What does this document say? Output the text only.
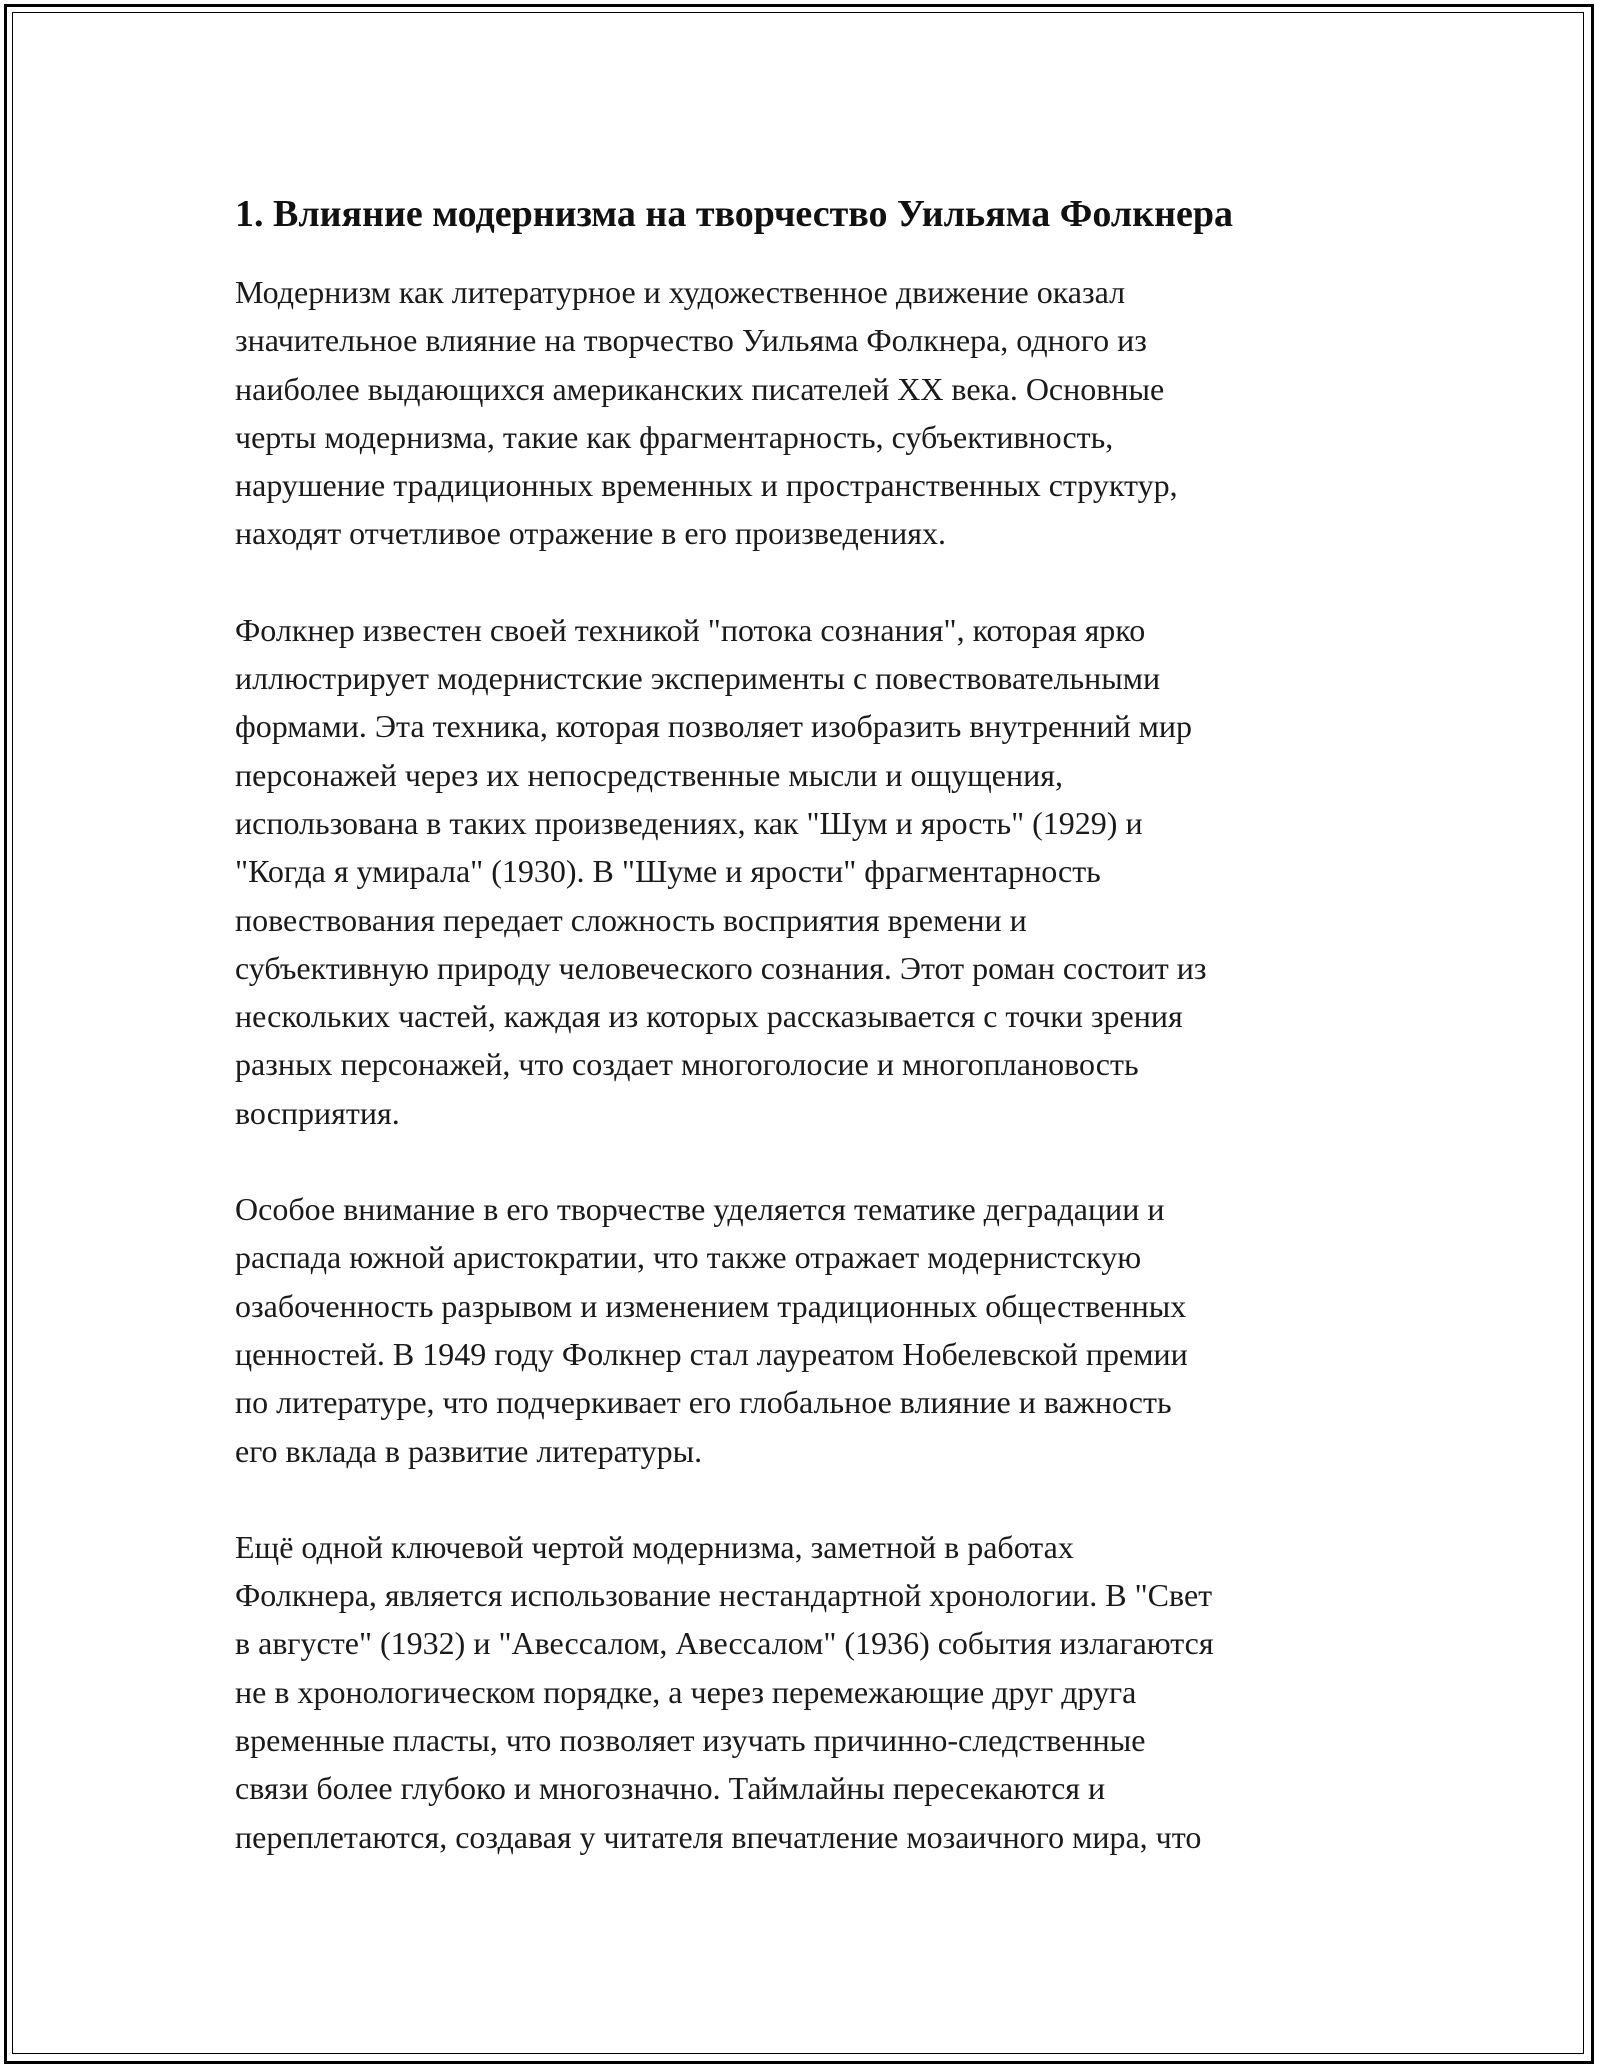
1. Влияние модернизма на творчество Уильяма Фолкнера

Модернизм как литературное и художественное движение оказал
значительное влияние на творчество Уильяма Фолкнера, одного из
наиболее выдающихся американских писателей XX века. Основные
черты модернизма, такие как фрагментарность, субъективность,
нарушение традиционных временных и пространственных структур,
находят отчетливое отражение в его произведениях.

Фолкнер известен своей техникой "потока сознания", которая ярко
иллюстрирует модернистские эксперименты с повествовательными
формами. Эта техника, которая позволяет изобразить внутренний мир
персонажей через их непосредственные мысли и ощущения,
использована в таких произведениях, как "Шум и ярость" (1929) и
"Когда я умирала" (1930). В "Шуме и ярости" фрагментарность
повествования передает сложность восприятия времени и
субъективную природу человеческого сознания. Этот роман состоит из
нескольких частей, каждая из которых рассказывается с точки зрения
разных персонажей, что создает многоголосие и многоплановость
восприятия.

Особое внимание в его творчестве уделяется тематике деградации и
распада южной аристократии, что также отражает модернистскую
озабоченность разрывом и изменением традиционных общественных
ценностей. В 1949 году Фолкнер стал лауреатом Нобелевской премии
по литературе, что подчеркивает его глобальное влияние и важность
его вклада в развитие литературы.

Ещё одной ключевой чертой модернизма, заметной в работах
Фолкнера, является использование нестандартной хронологии. В "Свет
в августе" (1932) и "Авессалом, Авессалом" (1936) события излагаются
не в хронологическом порядке, а через перемежающие друг друга
временные пласты, что позволяет изучать причинно-следственные
связи более глубоко и многозначно. Таймлайны пересекаются и
переплетаются, создавая у читателя впечатление мозаичного мира, что
